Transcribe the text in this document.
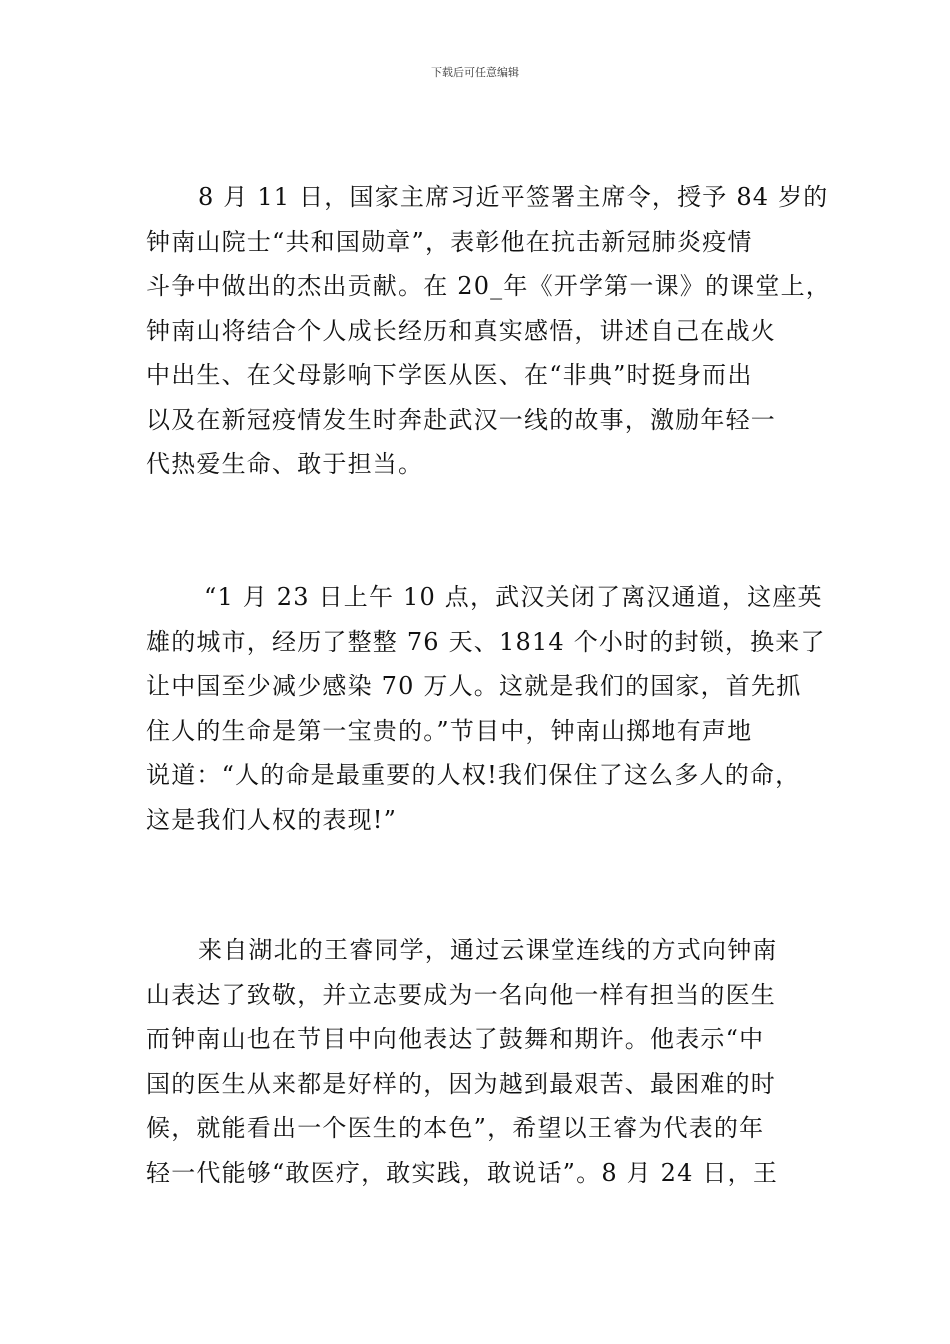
下载后可任意编辑
8 月 11 日，国家主席习近平签署主席令，授予 84 岁的
钟南山院士“共和国勋章”，表彰他在抗击新冠肺炎疫情
斗争中做出的杰出贡献。在 20_年《开学第一课》的课堂上，
钟南山将结合个人成长经历和真实感悟，讲述自己在战火
中出生、在父母影响下学医从医、在“非典”时挺身而出
以及在新冠疫情发生时奔赴武汉一线的故事，激励年轻一
代热爱生命、敢于担当。
“1 月 23 日上午 10 点，武汉关闭了离汉通道，这座英
雄的城市，经历了整整 76 天、1814 个小时的封锁，换来了
让中国至少减少感染 70 万人。这就是我们的国家，首先抓
住人的生命是第一宝贵的。”节目中，钟南山掷地有声地
说道：“人的命是最重要的人权!我们保住了这么多人的命，
这是我们人权的表现!”
来自湖北的王睿同学，通过云课堂连线的方式向钟南
山表达了致敬，并立志要成为一名向他一样有担当的医生
而钟南山也在节目中向他表达了鼓舞和期许。他表示“中
国的医生从来都是好样的，因为越到最艰苦、最困难的时
候，就能看出一个医生的本色”，希望以王睿为代表的年
轻一代能够“敢医疗，敢实践，敢说话”。8 月 24 日，王
